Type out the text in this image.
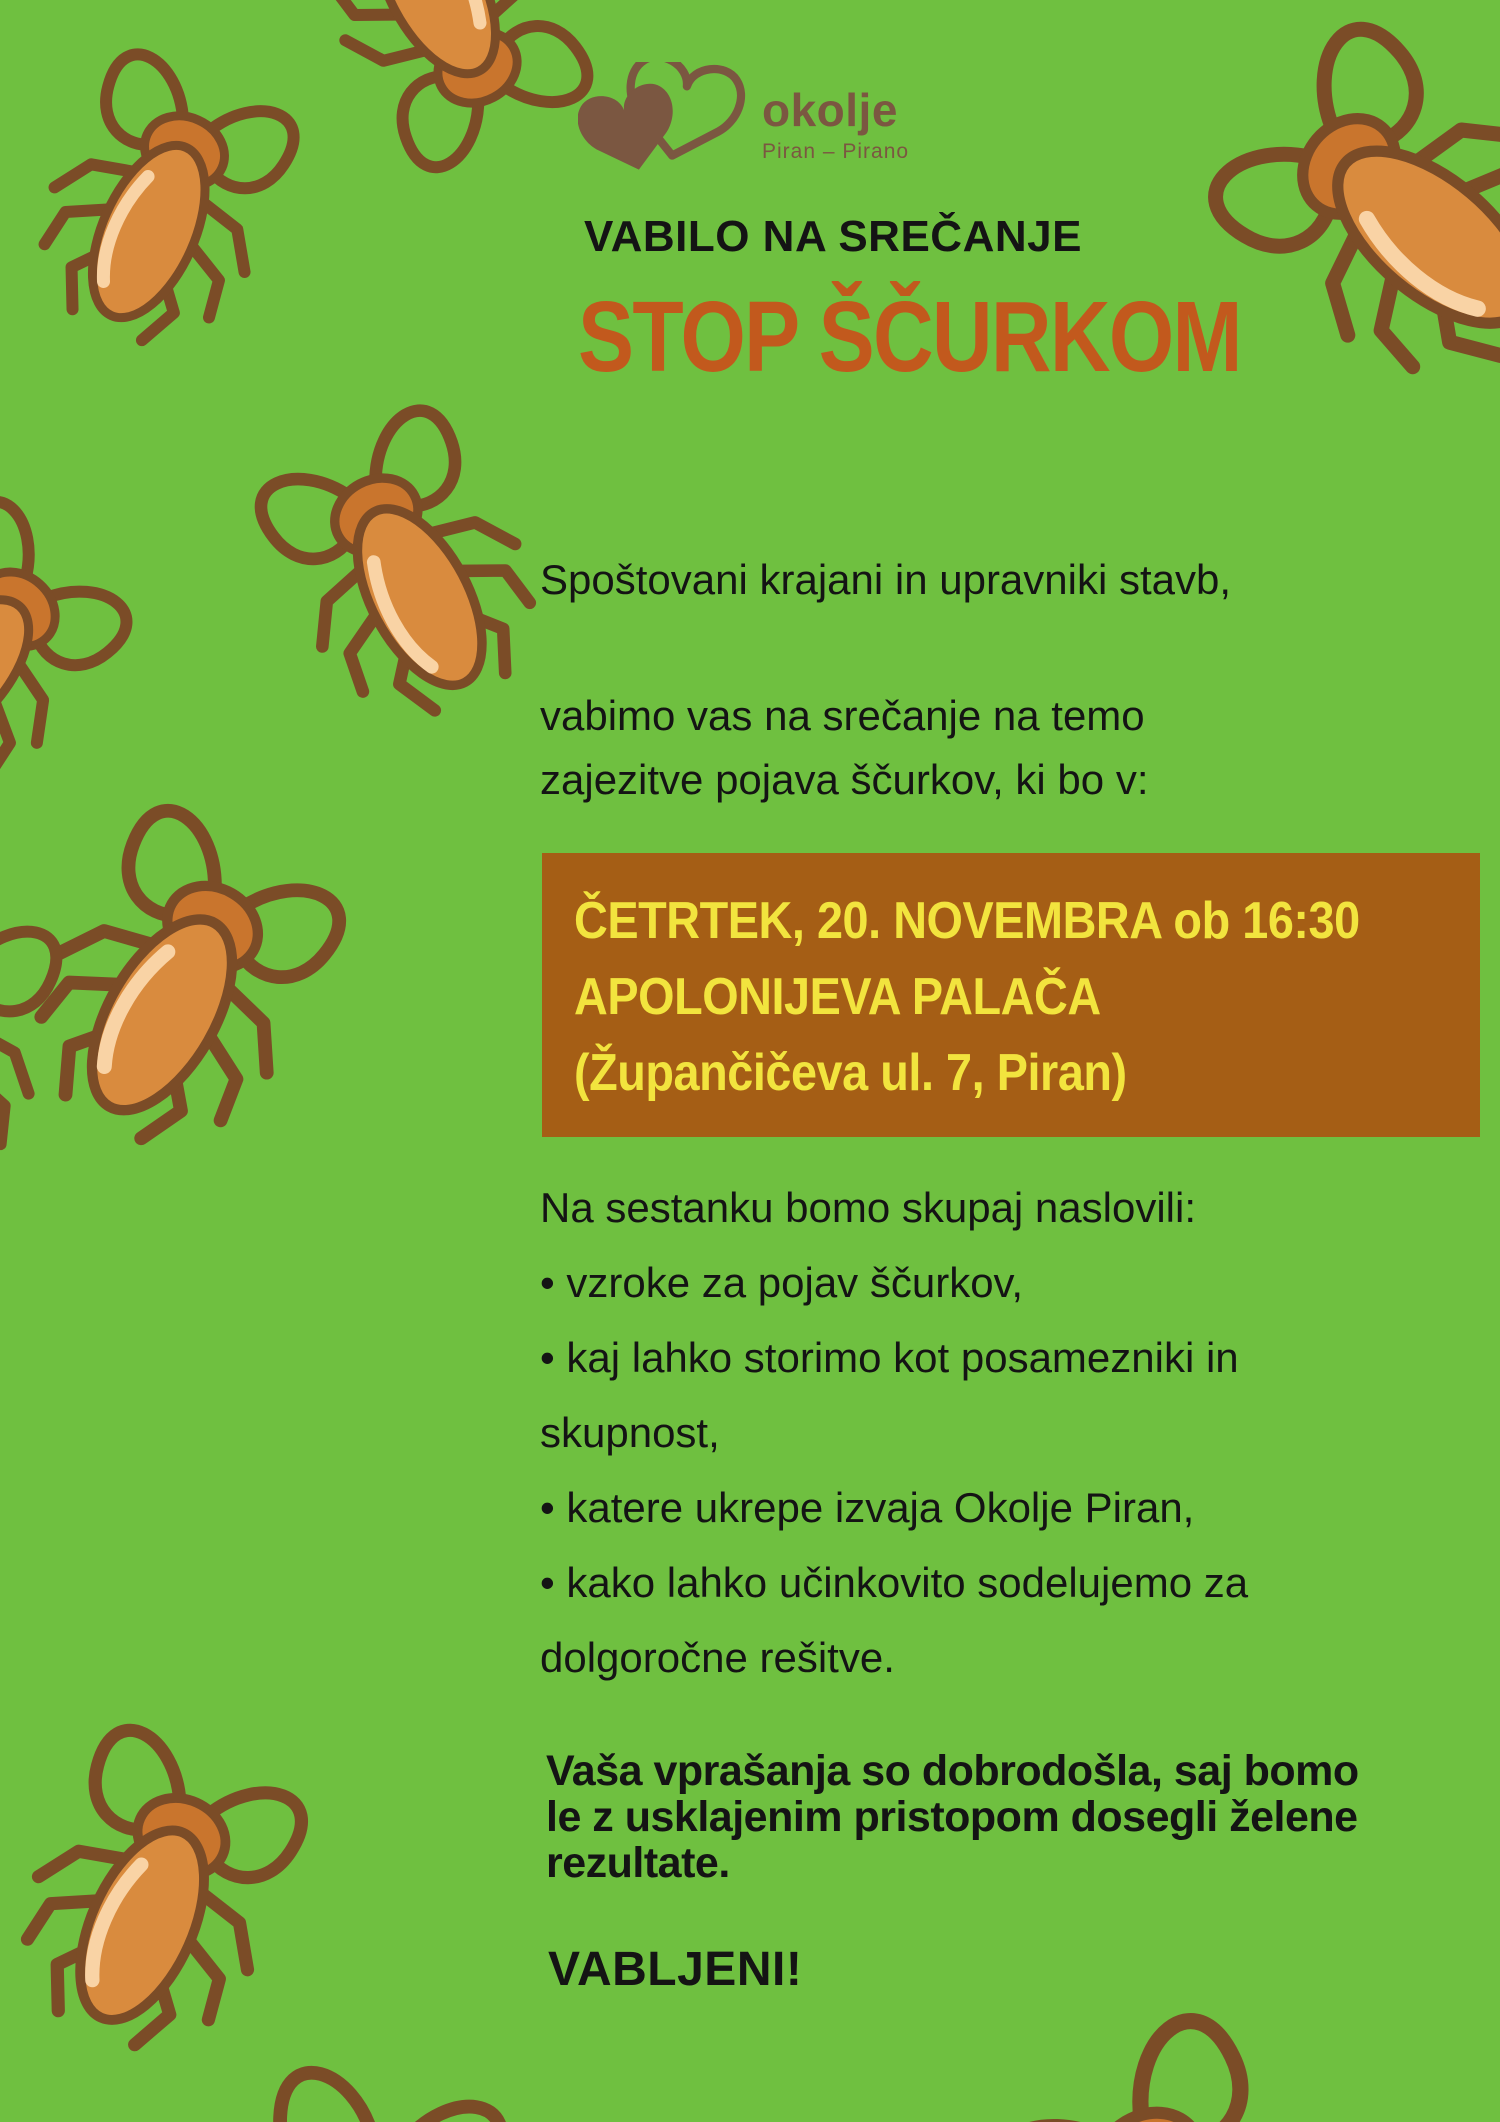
okolje
Piran – Pirano
VABILO NA SREČANJE
STOP ŠČURKOM
Spoštovani krajani in upravniki stavb,
vabimo vas na srečanje na temo
zajezitve pojava ščurkov, ki bo v:
ČETRTEK, 20. NOVEMBRA ob 16:30
APOLONIJEVA PALAČA
(Župančičeva ul. 7, Piran)
Na sestanku bomo skupaj naslovili:
• vzroke za pojav ščurkov,
• kaj lahko storimo kot posamezniki in
skupnost,
• katere ukrepe izvaja Okolje Piran,
• kako lahko učinkovito sodelujemo za
dolgoročne rešitve.
Vaša vprašanja so dobrodošla, saj bomo
le z usklajenim pristopom dosegli želene
rezultate.
VABLJENI!
